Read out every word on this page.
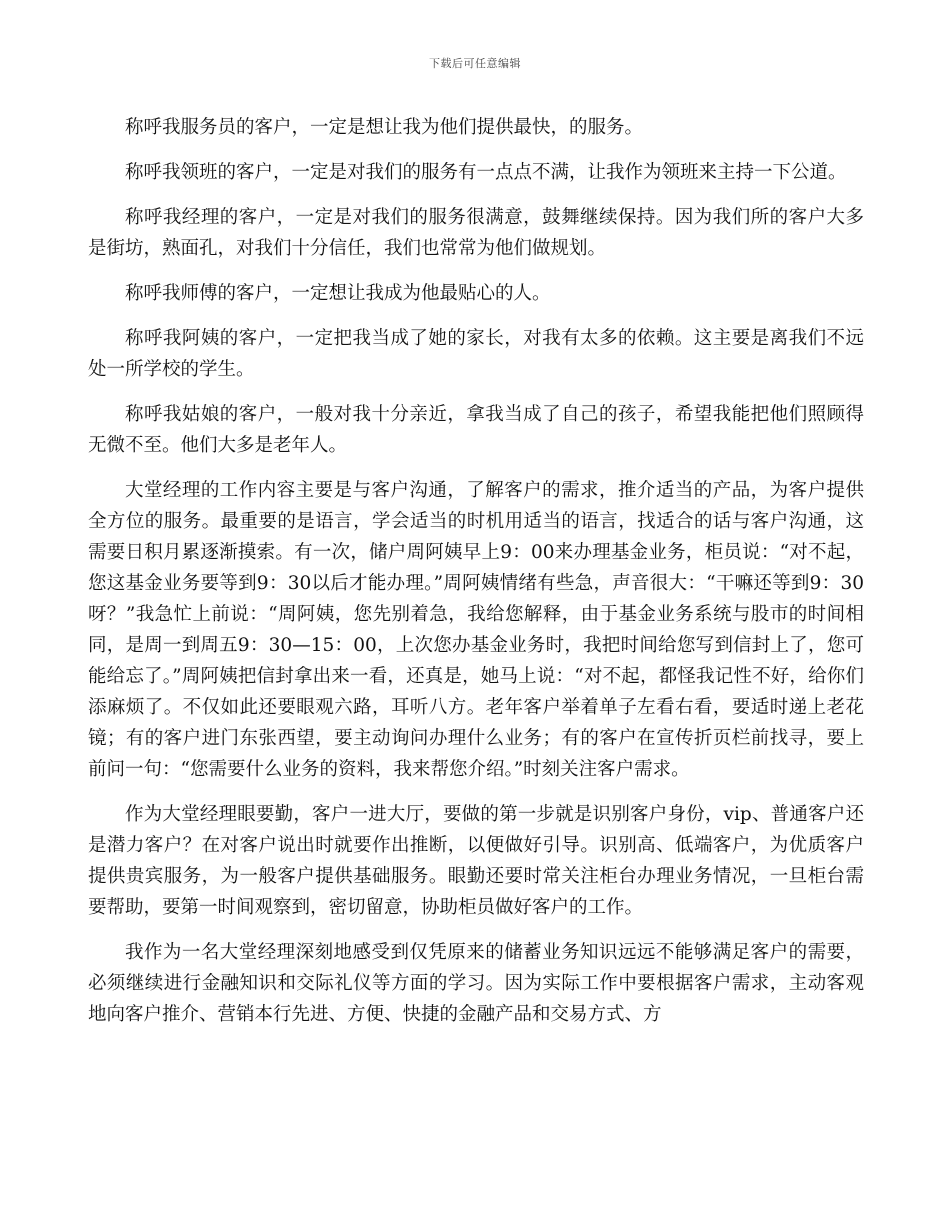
下载后可任意编辑

称呼我服务员的客户，一定是想让我为他们提供最快，的服务。

称呼我领班的客户，一定是对我们的服务有一点点不满，让我作为领班来主持一下公道。

称呼我经理的客户，一定是对我们的服务很满意，鼓舞继续保持。因为我们所的客户大多是街坊，熟面孔，对我们十分信任，我们也常常为他们做规划。

称呼我师傅的客户，一定想让我成为他最贴心的人。

称呼我阿姨的客户，一定把我当成了她的家长，对我有太多的依赖。这主要是离我们不远处一所学校的学生。

称呼我姑娘的客户，一般对我十分亲近，拿我当成了自己的孩子，希望我能把他们照顾得无微不至。他们大多是老年人。

大堂经理的工作内容主要是与客户沟通，了解客户的需求，推介适当的产品，为客户提供全方位的服务。最重要的是语言，学会适当的时机用适当的语言，找适合的话与客户沟通，这需要日积月累逐渐摸索。有一次，储户周阿姨早上9：00来办理基金业务，柜员说：“对不起，您这基金业务要等到9：30以后才能办理。”周阿姨情绪有些急，声音很大：“干嘛还等到9：30呀？”我急忙上前说：“周阿姨，您先别着急，我给您解释，由于基金业务系统与股市的时间相同，是周一到周五9：30—15：00，上次您办基金业务时，我把时间给您写到信封上了，您可能给忘了。”周阿姨把信封拿出来一看，还真是，她马上说：“对不起，都怪我记性不好，给你们添麻烦了。不仅如此还要眼观六路，耳听八方。老年客户举着单子左看右看，要适时递上老花镜；有的客户进门东张西望，要主动询问办理什么业务；有的客户在宣传折页栏前找寻，要上前问一句：“您需要什么业务的资料，我来帮您介绍。”时刻关注客户需求。

作为大堂经理眼要勤，客户一进大厅，要做的第一步就是识别客户身份，vip、普通客户还是潜力客户？在对客户说出时就要作出推断，以便做好引导。识别高、低端客户，为优质客户提供贵宾服务，为一般客户提供基础服务。眼勤还要时常关注柜台办理业务情况，一旦柜台需要帮助，要第一时间观察到，密切留意，协助柜员做好客户的工作。

我作为一名大堂经理深刻地感受到仅凭原来的储蓄业务知识远远不能够满足客户的需要，必须继续进行金融知识和交际礼仪等方面的学习。因为实际工作中要根据客户需求，主动客观地向客户推介、营销本行先进、方便、快捷的金融产品和交易方式、方
